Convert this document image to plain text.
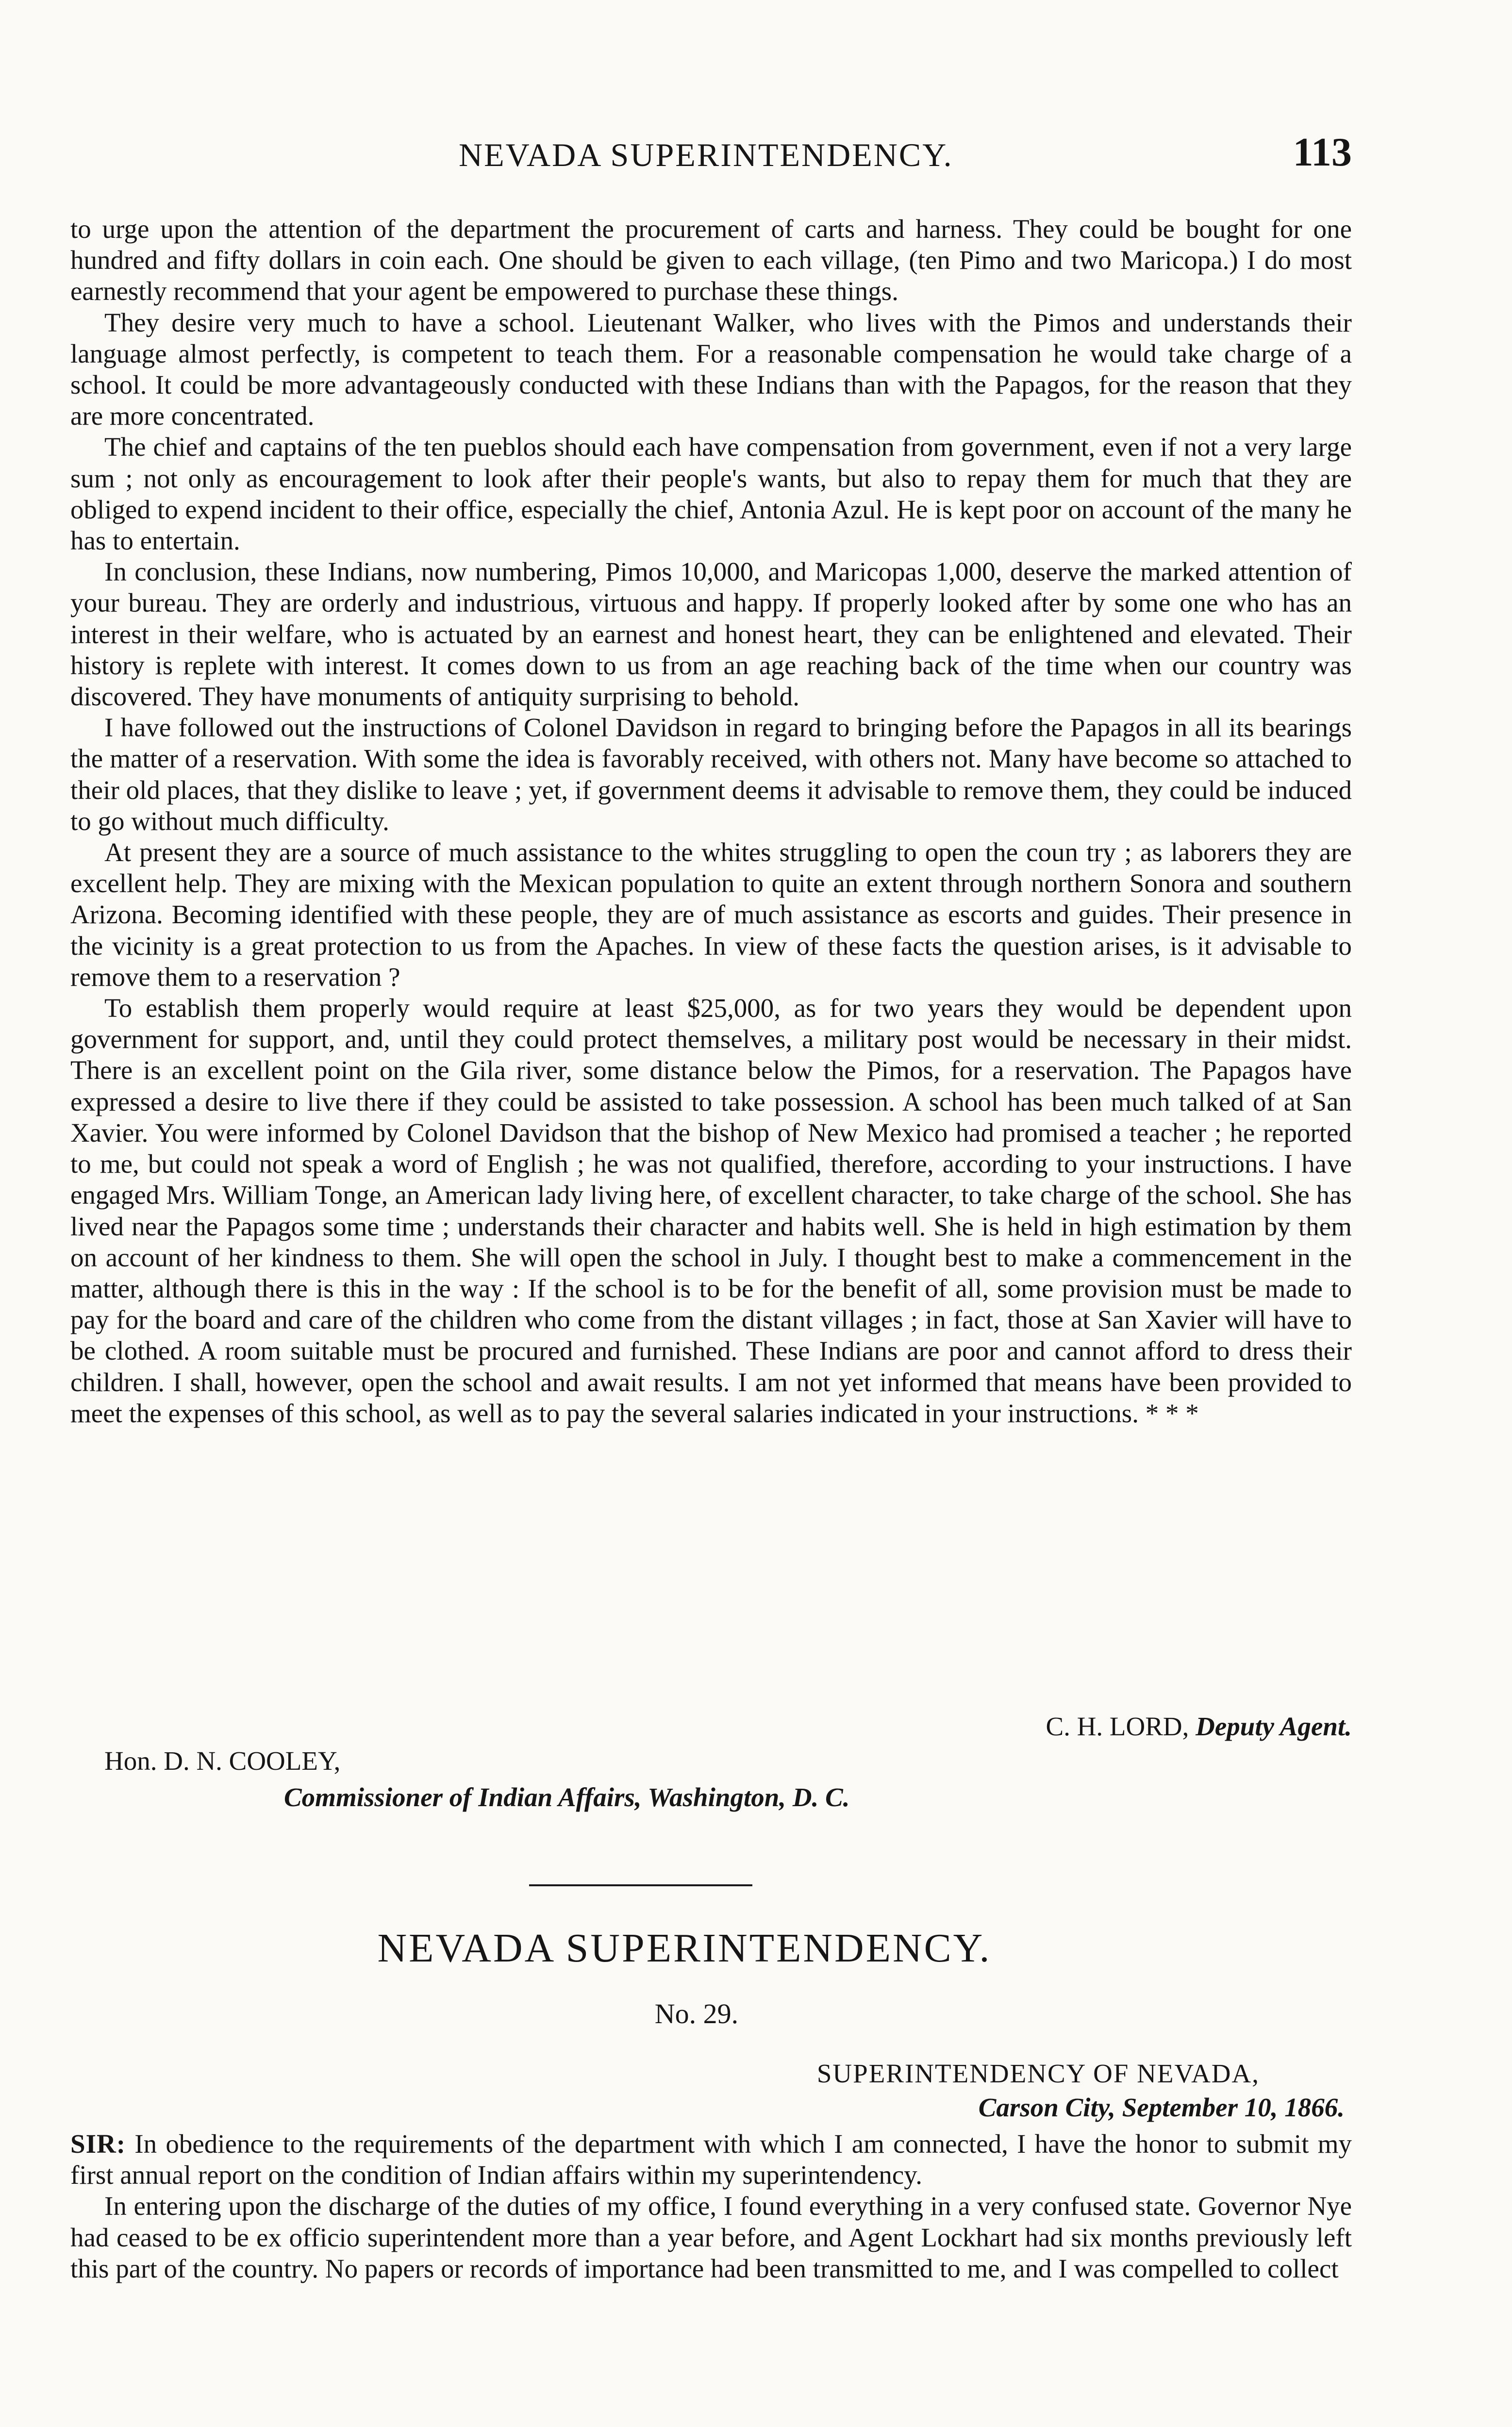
NEVADA SUPERINTENDENCY.	113

to urge upon the attention of the department the procurement of carts and harness. They could be bought for one hundred and fifty dollars in coin each. One should be given to each village, (ten Pimo and two Maricopa.) I do most earnestly recommend that your agent be empowered to purchase these things.

They desire very much to have a school. Lieutenant Walker, who lives with the Pimos and understands their language almost perfectly, is competent to teach them. For a reasonable compensation he would take charge of a school. It could be more advantageously conducted with these Indians than with the Papagos, for the reason that they are more concentrated.

The chief and captains of the ten pueblos should each have compensation from government, even if not a very large sum ; not only as encouragement to look after their people's wants, but also to repay them for much that they are obliged to expend incident to their office, especially the chief, Antonia Azul. He is kept poor on account of the many he has to entertain.

In conclusion, these Indians, now numbering, Pimos 10,000, and Maricopas 1,000, deserve the marked attention of your bureau. They are orderly and industrious, virtuous and happy. If properly looked after by some one who has an interest in their welfare, who is actuated by an earnest and honest heart, they can be enlightened and elevated. Their history is replete with interest. It comes down to us from an age reaching back of the time when our country was discovered. They have monuments of antiquity surprising to behold.

I have followed out the instructions of Colonel Davidson in regard to bringing before the Papagos in all its bearings the matter of a reservation. With some the idea is favorably received, with others not. Many have become so attached to their old places, that they dislike to leave ; yet, if government deems it advisable to remove them, they could be induced to go without much difficulty.

At present they are a source of much assistance to the whites struggling to open the coun try ; as laborers they are excellent help. They are mixing with the Mexican population to quite an extent through northern Sonora and southern Arizona. Becoming identified with these people, they are of much assistance as escorts and guides. Their presence in the vicinity is a great protection to us from the Apaches. In view of these facts the question arises, is it advisable to remove them to a reservation ?

To establish them properly would require at least $25,000, as for two years they would be dependent upon government for support, and, until they could protect themselves, a military post would be necessary in their midst. There is an excellent point on the Gila river, some distance below the Pimos, for a reservation. The Papagos have expressed a desire to live there if they could be assisted to take possession. A school has been much talked of at San Xavier. You were informed by Colonel Davidson that the bishop of New Mexico had promised a teacher ; he reported to me, but could not speak a word of English ; he was not qualified, therefore, according to your instructions. I have engaged Mrs. William Tonge, an American lady living here, of excellent character, to take charge of the school. She has lived near the Papagos some time ; understands their character and habits well. She is held in high estimation by them on account of her kindness to them. She will open the school in July. I thought best to make a commencement in the matter, although there is this in the way : If the school is to be for the benefit of all, some provision must be made to pay for the board and care of the children who come from the distant villages ; in fact, those at San Xavier will have to be clothed. A room suitable must be procured and furnished. These Indians are poor and cannot afford to dress their children. I shall, however, open the school and await results. I am not yet informed that means have been provided to meet the expenses of this school, as well as to pay the several salaries indicated in your instructions. * * *

C. H. LORD, Deputy Agent.
Hon. D. N. COOLEY,
Commissioner of Indian Affairs, Washington, D. C.
NEVADA SUPERINTENDENCY.
No. 29.
SUPERINTENDENCY OF NEVADA,
Carson City, September 10, 1866.

SIR: In obedience to the requirements of the department with which I am connected, I have the honor to submit my first annual report on the condition of Indian affairs within my superintendency.

In entering upon the discharge of the duties of my office, I found everything in a very confused state. Governor Nye had ceased to be ex officio superintendent more than a year before, and Agent Lockhart had six months previously left this part of the country. No papers or records of importance had been transmitted to me, and I was compelled to collect
